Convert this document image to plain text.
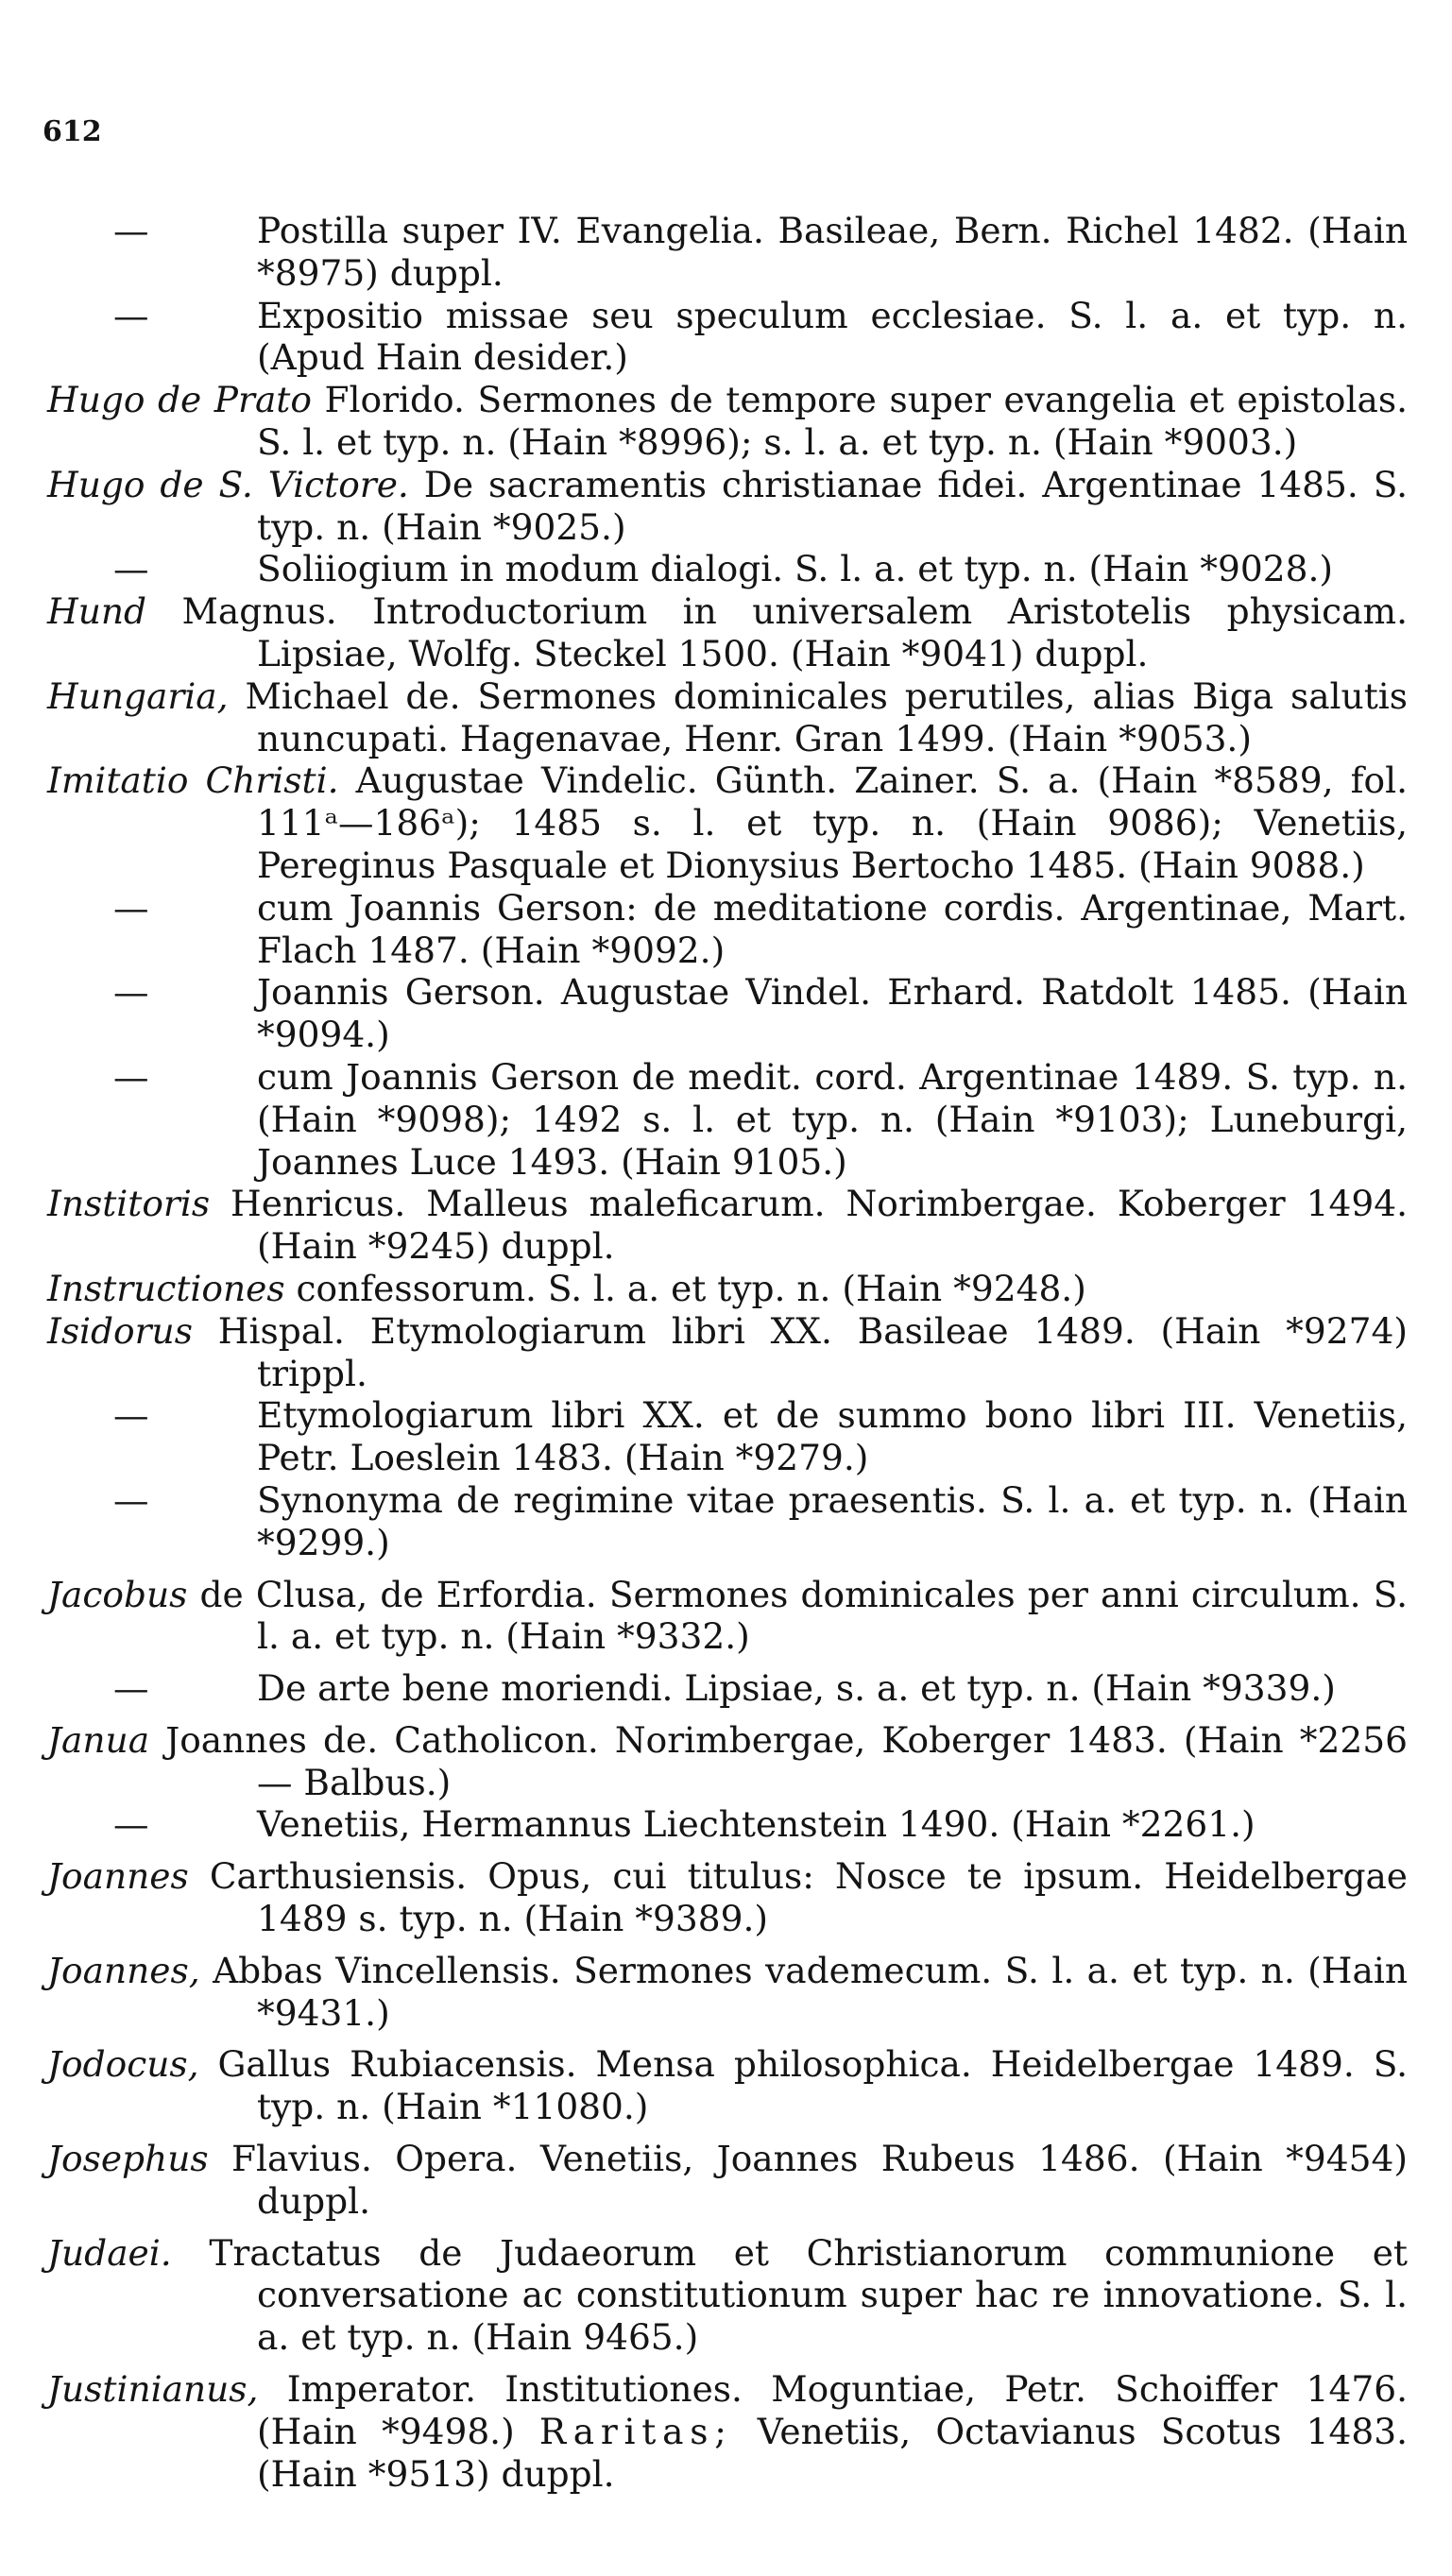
612

—	Postilla super IV. Evangelia. Basileae, Bern. Richel 1482. (Hain *8975) duppl.

—	Expositio missae seu speculum ecclesiae. S. l. a. et typ. n. (Apud Hain desider.)

Hugo de Prato Florido. Sermones de tempore super evangelia et epistolas. S. l. et typ. n. (Hain *8996); s. l. a. et typ. n. (Hain *9003.)

Hugo de S. Victore. De sacramentis christianae fidei. Argentinae 1485. S. typ. n. (Hain *9025.)

—	Soliiogium in modum dialogi. S. l. a. et typ. n. (Hain *9028.)

Hund Magnus. Introductorium in universalem Aristotelis physicam. Lipsiae, Wolfg. Steckel 1500. (Hain *9041) duppl.

Hungaria, Michael de. Sermones dominicales perutiles, alias Biga salutis nuncupati. Hagenavae, Henr. Gran 1499. (Hain *9053.)

Imitatio Christi. Augustae Vindelic. Günth. Zainer. S. a. (Hain *8589, fol. 111ᵃ—186ᵃ); 1485 s. l. et typ. n. (Hain 9086); Venetiis, Pereginus Pasquale et Dionysius Bertocho 1485. (Hain 9088.)

—	cum Joannis Gerson: de meditatione cordis. Argentinae, Mart. Flach 1487. (Hain *9092.)

—	Joannis Gerson. Augustae Vindel. Erhard. Ratdolt 1485. (Hain *9094.)

—	cum Joannis Gerson de medit. cord. Argentinae 1489. S. typ. n. (Hain *9098); 1492 s. l. et typ. n. (Hain *9103); Luneburgi, Joannes Luce 1493. (Hain 9105.)

Institoris Henricus. Malleus maleficarum. Norimbergae. Koberger 1494. (Hain *9245) duppl.

Instructiones confessorum. S. l. a. et typ. n. (Hain *9248.)

Isidorus Hispal. Etymologiarum libri XX. Basileae 1489. (Hain *9274) trippl.

—	Etymologiarum libri XX. et de summo bono libri III. Venetiis, Petr. Loeslein 1483. (Hain *9279.)

—	Synonyma de regimine vitae praesentis. S. l. a. et typ. n. (Hain *9299.)

Jacobus de Clusa, de Erfordia. Sermones dominicales per anni circulum. S. l. a. et typ. n. (Hain *9332.)

—	De arte bene moriendi. Lipsiae, s. a. et typ. n. (Hain *9339.)

Janua Joannes de. Catholicon. Norimbergae, Koberger 1483. (Hain *2256 — Balbus.)

—	Venetiis, Hermannus Liechtenstein 1490. (Hain *2261.)

Joannes Carthusiensis. Opus, cui titulus: Nosce te ipsum. Heidelbergae 1489 s. typ. n. (Hain *9389.)

Joannes, Abbas Vincellensis. Sermones vademecum. S. l. a. et typ. n. (Hain *9431.)

Jodocus, Gallus Rubiacensis. Mensa philosophica. Heidelbergae 1489. S. typ. n. (Hain *11080.)

Josephus Flavius. Opera. Venetiis, Joannes Rubeus 1486. (Hain *9454) duppl.

Judaei. Tractatus de Judaeorum et Christianorum communione et conversatione ac constitutionum super hac re innovatione. S. l. a. et typ. n. (Hain 9465.)

Justinianus, Imperator. Institutiones. Moguntiae, Petr. Schoiffer 1476. (Hain *9498.) Raritas; Venetiis, Octavianus Scotus 1483. (Hain *9513) duppl.
